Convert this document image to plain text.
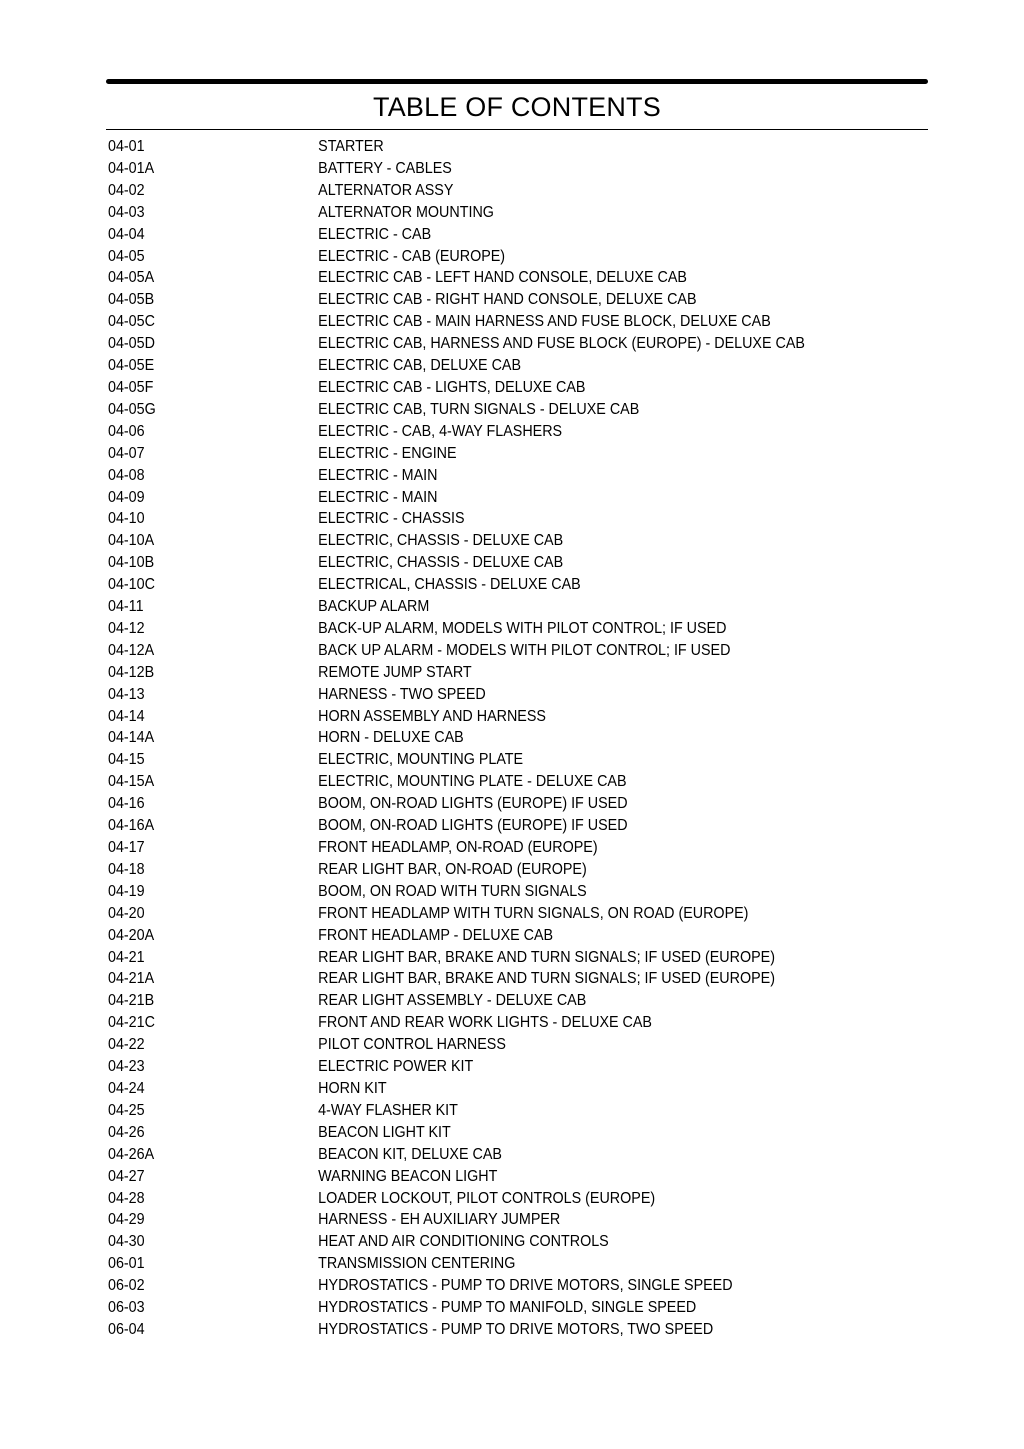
TABLE OF CONTENTS
04-01	STARTER
04-01A	BATTERY - CABLES
04-02	ALTERNATOR ASSY
04-03	ALTERNATOR MOUNTING
04-04	ELECTRIC - CAB
04-05	ELECTRIC - CAB (EUROPE)
04-05A	ELECTRIC CAB - LEFT HAND CONSOLE, DELUXE CAB
04-05B	ELECTRIC CAB - RIGHT HAND CONSOLE, DELUXE CAB
04-05C	ELECTRIC CAB - MAIN HARNESS AND FUSE BLOCK, DELUXE CAB
04-05D	ELECTRIC CAB, HARNESS AND FUSE BLOCK (EUROPE) - DELUXE CAB
04-05E	ELECTRIC CAB, DELUXE CAB
04-05F	ELECTRIC CAB - LIGHTS, DELUXE CAB
04-05G	ELECTRIC CAB, TURN SIGNALS - DELUXE CAB
04-06	ELECTRIC - CAB, 4-WAY FLASHERS
04-07	ELECTRIC - ENGINE
04-08	ELECTRIC - MAIN
04-09	ELECTRIC - MAIN
04-10	ELECTRIC - CHASSIS
04-10A	ELECTRIC, CHASSIS - DELUXE CAB
04-10B	ELECTRIC, CHASSIS - DELUXE CAB
04-10C	ELECTRICAL, CHASSIS - DELUXE CAB
04-11	BACKUP ALARM
04-12	BACK-UP ALARM, MODELS WITH PILOT CONTROL; IF USED
04-12A	BACK UP ALARM - MODELS WITH PILOT CONTROL; IF USED
04-12B	REMOTE JUMP START
04-13	HARNESS - TWO SPEED
04-14	HORN ASSEMBLY AND HARNESS
04-14A	HORN - DELUXE CAB
04-15	ELECTRIC, MOUNTING PLATE
04-15A	ELECTRIC, MOUNTING PLATE - DELUXE CAB
04-16	BOOM, ON-ROAD LIGHTS (EUROPE) IF USED
04-16A	BOOM, ON-ROAD LIGHTS (EUROPE) IF USED
04-17	FRONT HEADLAMP, ON-ROAD (EUROPE)
04-18	REAR LIGHT BAR, ON-ROAD (EUROPE)
04-19	BOOM, ON ROAD WITH TURN SIGNALS
04-20	FRONT HEADLAMP WITH TURN SIGNALS, ON ROAD (EUROPE)
04-20A	FRONT HEADLAMP - DELUXE CAB
04-21	REAR LIGHT BAR, BRAKE AND TURN SIGNALS; IF USED (EUROPE)
04-21A	REAR LIGHT BAR, BRAKE AND TURN SIGNALS; IF USED (EUROPE)
04-21B	REAR LIGHT ASSEMBLY - DELUXE CAB
04-21C	FRONT AND REAR WORK LIGHTS - DELUXE CAB
04-22	PILOT CONTROL HARNESS
04-23	ELECTRIC POWER KIT
04-24	HORN KIT
04-25	4-WAY FLASHER KIT
04-26	BEACON LIGHT KIT
04-26A	BEACON KIT, DELUXE CAB
04-27	WARNING BEACON LIGHT
04-28	LOADER LOCKOUT, PILOT CONTROLS (EUROPE)
04-29	HARNESS - EH AUXILIARY JUMPER
04-30	HEAT AND AIR CONDITIONING CONTROLS
06-01	TRANSMISSION CENTERING
06-02	HYDROSTATICS - PUMP TO DRIVE MOTORS, SINGLE SPEED
06-03	HYDROSTATICS - PUMP TO MANIFOLD, SINGLE SPEED
06-04	HYDROSTATICS - PUMP TO DRIVE MOTORS, TWO SPEED
